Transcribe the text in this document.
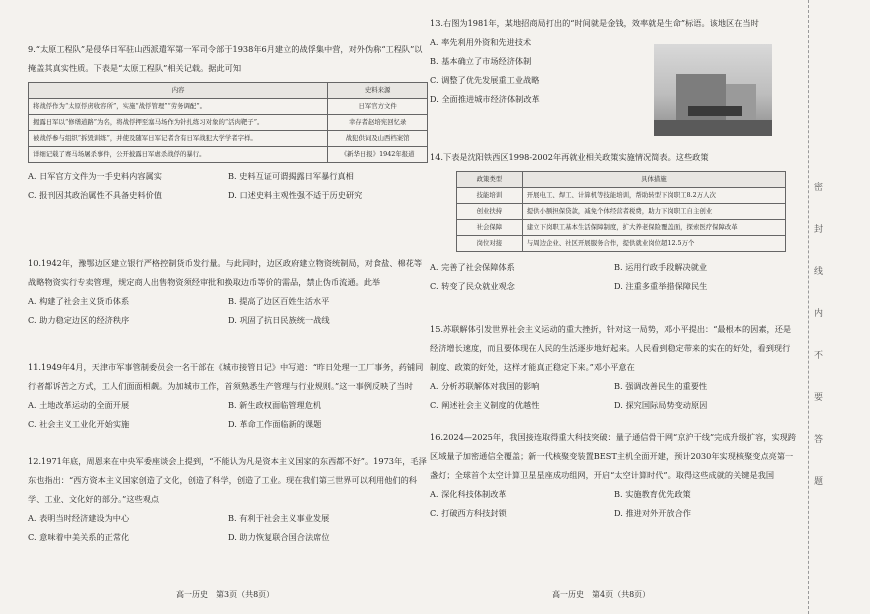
9.“太原工程队”是侵华日军驻山西派遣军第一军司令部于1938年6月建立的战俘集中营，对外伪称“工程队”以掩盖其真实性质。下表是“太原工程队”相关记载。据此可知

内容	史料来源
将战俘作为“太原俘虏收容所”，实施“战俘管理”“劳务调配”。	日军官方文件
揭露日军以“修缮道路”为名，将战俘押至塞马场作为针扎练习对象的“活肉靶子”。	幸存者赵培宪回忆录
被战俘参与组织“拆毁训练”，并使及随军日军记者含有日军战犯大学学者字样。	战犯供词及山西档案馆
详细记载了赛马场屠杀事件，公开披露日军虐杀战俘的暴行。	《新华日报》1942年报道
A. 日军官方文件为一手史料内容属实	B. 史料互证可谓揭露日军暴行真相
C. 报刊因其政治属性不具备史料价值	D. 口述史料主观性强不适于历史研究

10.1942年，豫鄂边区建立银行严格控制货币发行量。与此同时，边区政府建立物资统制局，对食盐、棉花等战略物资实行专卖管理，规定商人出售物资须经审批和换取边币等价的需品，禁止伪币流通。此举

A. 构建了社会主义货币体系	B. 提高了边区百姓生活水平
C. 助力稳定边区的经济秩序	D. 巩固了抗日民族统一战线

11.1949年4月，天津市军事管制委员会一名干部在《城市接管日记》中写道：“昨日处理一工厂事务，药铺同行者都诉苦之方式，工人们面面相觑。为加城市工作，首须熟悉生产管理与行业规则。”这一事例反映了当时

A. 土地改革运动的全面开展	B. 新生政权面临管理危机
C. 社会主义工业化开始实施	D. 革命工作面临新的课题

12.1971年底，周恩来在中央军委座谈会上提到，“不能认为凡是资本主义国家的东西都不好”。1973年，毛泽东也指出：“西方资本主义国家创造了文化，创造了科学，创造了工业。现在我们第三世界可以利用他们的科学、工业、文化好的部分。”这些观点

A. 表明当时经济建设为中心	B. 有利于社会主义事业发展
C. 意味着中美关系的正常化	D. 助力恢复联合国合法席位
高一历史　第3页（共8页）

13.右图为1981年，某地招商局打出的“时间就是金钱，效率就是生命”标语。该地区在当时

A. 率先利用外资和先进技术
B. 基本确立了市场经济体制
C. 调整了优先发展重工业战略
D. 全面推进城市经济体制改革

14.下表是沈阳铁西区1998-2002年再就业相关政策实施情况简表。这些政策

政策类型	具体措施
技能培训	开展电工、焊工、计算机等技能培训，帮助转型下岗职工8.2万人次
创业扶持	提供小额担保贷款，减免个体经营者税费，助力下岗职工自主创业
社会保障	建立下岗职工基本生活保障制度，扩大养老保险覆盖面，探索医疗保障改革
岗位对接	与周边企业、社区开展服务合作，提供就业岗位超12.5万个
A. 完善了社会保障体系	B. 运用行政手段解决就业
C. 转变了民众就业观念	D. 注重多重举措保障民生

15.苏联解体引发世界社会主义运动的重大挫折，针对这一局势，邓小平提出：“最根本的因素，还是经济增长速度，而且要体现在人民的生活逐步地好起来。人民看到稳定带来的实在的好处，看到现行制度、政策的好处，这样才能真正稳定下来。”邓小平意在

A. 分析苏联解体对我国的影响	B. 强调改善民生的重要性
C. 阐述社会主义制度的优越性	D. 探究国际局势变动原因

16.2024—2025年，我国接连取得重大科技突破：量子通信骨干网“京沪干线”完成升级扩容，实现跨区域量子加密通信全覆盖；新一代核聚变装置BEST主机全面开建，预计2030年实现核聚变点亮第一盏灯；全球首个太空计算卫星星座成功组网，开启“太空计算时代”。取得这些成就的关键是我国

A. 深化科技体制改革	B. 实施教育优先政策
C. 打破西方科技封锁	D. 推进对外开放合作
高一历史　第4页（共8页）
密
封
线
内
不
要
答
题
